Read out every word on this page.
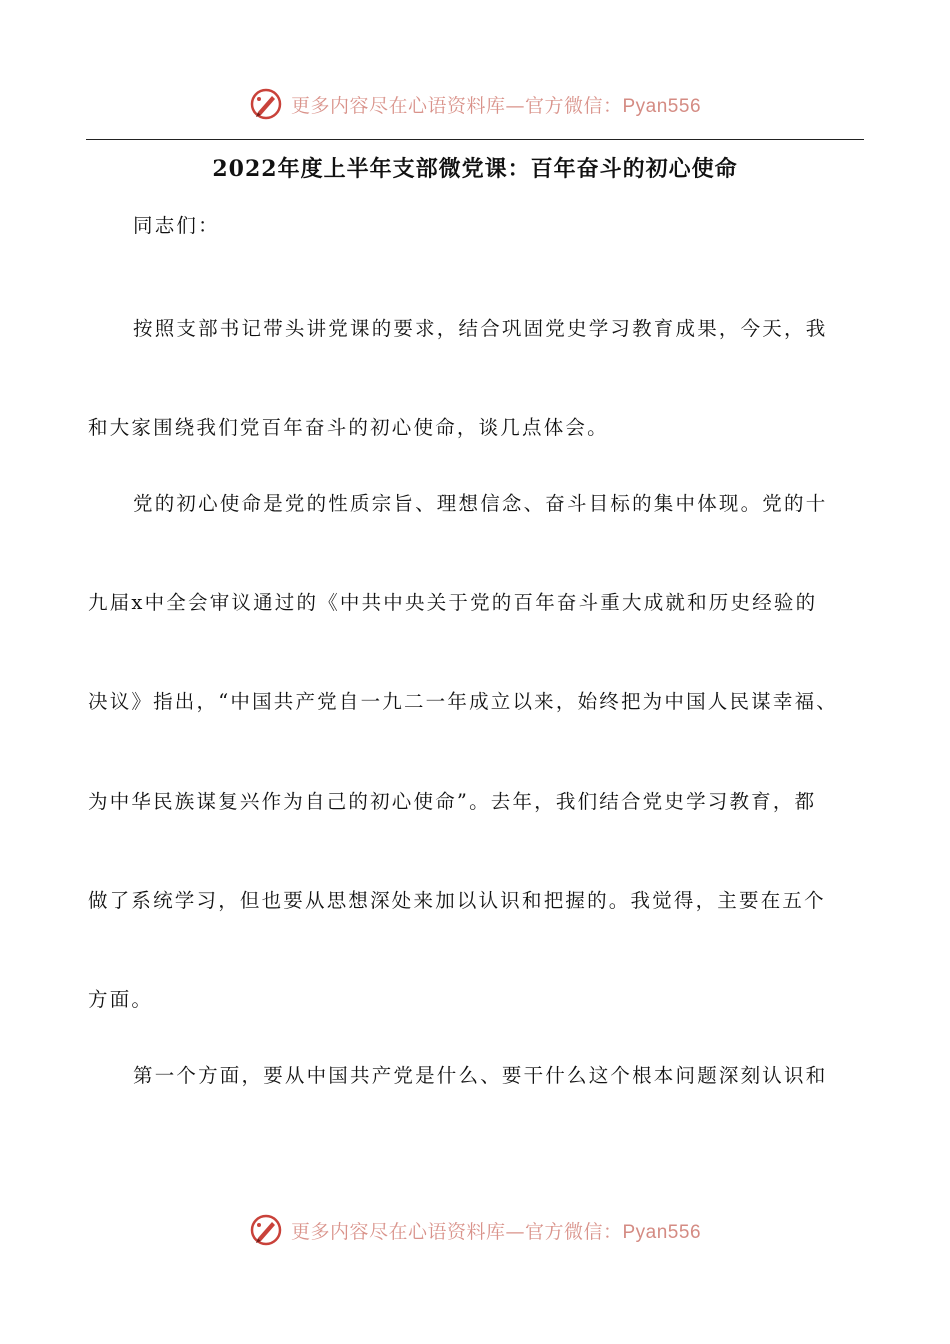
更多内容尽在心语资料库—官方微信：Pyan556
2022年度上半年支部微党课：百年奋斗的初心使命
同志们：
按照支部书记带头讲党课的要求，结合巩固党史学习教育成果，今天，我
和大家围绕我们党百年奋斗的初心使命，谈几点体会。
党的初心使命是党的性质宗旨、理想信念、奋斗目标的集中体现。党的十
九届x中全会审议通过的《中共中央关于党的百年奋斗重大成就和历史经验的
决议》指出，“中国共产党自一九二一年成立以来，始终把为中国人民谋幸福、
为中华民族谋复兴作为自己的初心使命”。去年，我们结合党史学习教育，都
做了系统学习，但也要从思想深处来加以认识和把握的。我觉得，主要在五个
方面。
第一个方面，要从中国共产党是什么、要干什么这个根本问题深刻认识和
更多内容尽在心语资料库—官方微信：Pyan556
